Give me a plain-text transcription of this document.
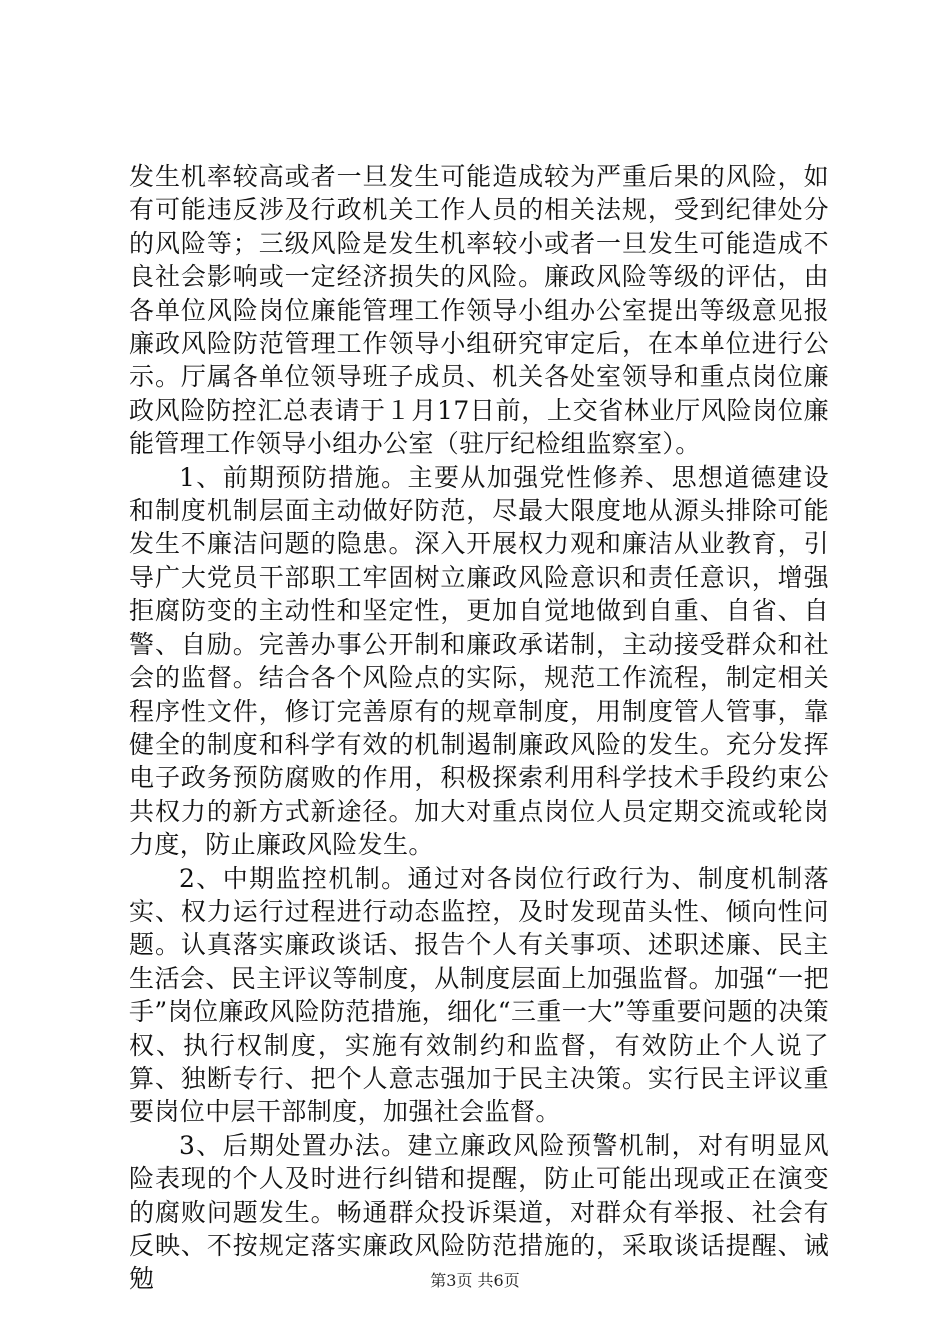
发生机率较高或者一旦发生可能造成较为严重后果的风险，如有可能违反涉及行政机关工作人员的相关法规，受到纪律处分的风险等；三级风险是发生机率较小或者一旦发生可能造成不良社会影响或一定经济损失的风险。廉政风险等级的评估，由各单位风险岗位廉能管理工作领导小组办公室提出等级意见报廉政风险防范管理工作领导小组研究审定后，在本单位进行公示。厅属各单位领导班子成员、机关各处室领导和重点岗位廉政风险防控汇总表请于１月17日前，上交省林业厅风险岗位廉能管理工作领导小组办公室（驻厅纪检组监察室）。

1、前期预防措施。主要从加强党性修养、思想道德建设和制度机制层面主动做好防范，尽最大限度地从源头排除可能发生不廉洁问题的隐患。深入开展权力观和廉洁从业教育，引导广大党员干部职工牢固树立廉政风险意识和责任意识，增强拒腐防变的主动性和坚定性，更加自觉地做到自重、自省、自警、自励。完善办事公开制和廉政承诺制，主动接受群众和社会的监督。结合各个风险点的实际，规范工作流程，制定相关程序性文件，修订完善原有的规章制度，用制度管人管事，靠健全的制度和科学有效的机制遏制廉政风险的发生。充分发挥电子政务预防腐败的作用，积极探索利用科学技术手段约束公共权力的新方式新途径。加大对重点岗位人员定期交流或轮岗力度，防止廉政风险发生。

2、中期监控机制。通过对各岗位行政行为、制度机制落实、权力运行过程进行动态监控，及时发现苗头性、倾向性问题。认真落实廉政谈话、报告个人有关事项、述职述廉、民主生活会、民主评议等制度，从制度层面上加强监督。加强“一把手”岗位廉政风险防范措施，细化“三重一大”等重要问题的决策权、执行权制度，实施有效制约和监督，有效防止个人说了算、独断专行、把个人意志强加于民主决策。实行民主评议重要岗位中层干部制度，加强社会监督。

3、后期处置办法。建立廉政风险预警机制，对有明显风险表现的个人及时进行纠错和提醒，防止可能出现或正在演变的腐败问题发生。畅通群众投诉渠道，对群众有举报、社会有反映、不按规定落实廉政风险防范措施的，采取谈话提醒、诫勉	第3页 共6页
